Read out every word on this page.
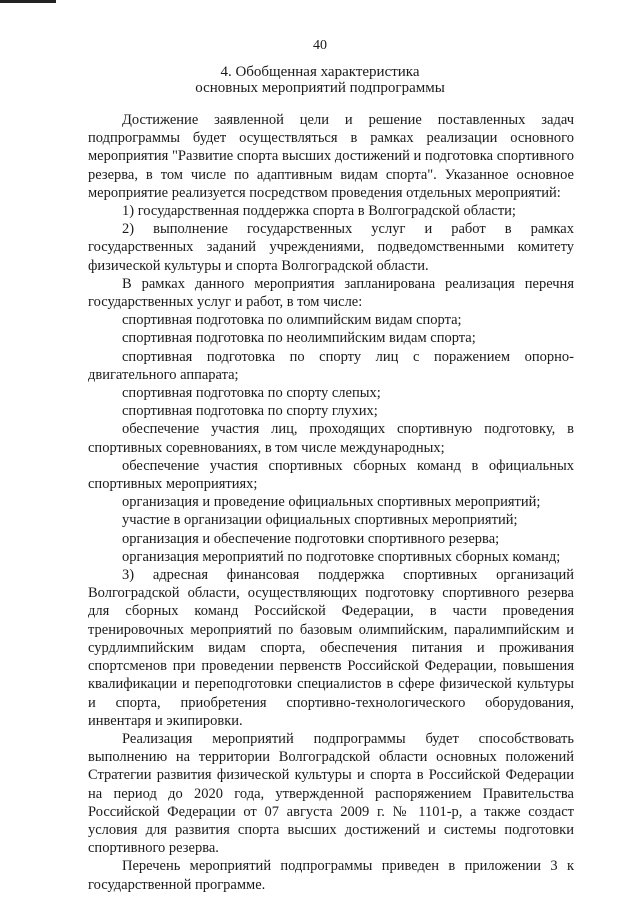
40
4. Обобщенная характеристика
основных мероприятий подпрограммы

Достижение заявленной цели и решение поставленных задач подпрограммы будет осуществляться в рамках реализации основного мероприятия "Развитие спорта высших достижений и подготовка спортивного резерва, в том числе по адаптивным видам спорта". Указанное основное мероприятие реализуется посредством проведения отдельных мероприятий:

1) государственная поддержка спорта в Волгоградской области;

2) выполнение государственных услуг и работ в рамках государственных заданий учреждениями, подведомственными комитету физической культуры и спорта Волгоградской области.

В рамках данного мероприятия запланирована реализация перечня государственных услуг и работ, в том числе:

спортивная подготовка по олимпийским видам спорта;

спортивная подготовка по неолимпийским видам спорта;

спортивная подготовка по спорту лиц с поражением опорно-двигательного аппарата;

спортивная подготовка по спорту слепых;

спортивная подготовка по спорту глухих;

обеспечение участия лиц, проходящих спортивную подготовку, в спортивных соревнованиях, в том числе международных;

обеспечение участия спортивных сборных команд в официальных спортивных мероприятиях;

организация и проведение официальных спортивных мероприятий;

участие в организации официальных спортивных мероприятий;

организация и обеспечение подготовки спортивного резерва;

организация мероприятий по подготовке спортивных сборных команд;

3) адресная финансовая поддержка спортивных организаций Волгоградской области, осуществляющих подготовку спортивного резерва для сборных команд Российской Федерации, в части проведения тренировочных мероприятий по базовым олимпийским, паралимпийским и сурдлимпийским видам спорта, обеспечения питания и проживания спортсменов при проведении первенств Российской Федерации, повышения квалификации и переподготовки специалистов в сфере физической культуры и спорта, приобретения спортивно-технологического оборудования, инвентаря и экипировки.

Реализация мероприятий подпрограммы будет способствовать выполнению на территории Волгоградской области основных положений Стратегии развития физической культуры и спорта в Российской Федерации на период до 2020 года, утвержденной распоряжением Правительства Российской Федерации от 07 августа 2009 г. № 1101-р, а также создаст условия для развития спорта высших достижений и системы подготовки спортивного резерва.

Перечень мероприятий подпрограммы приведен в приложении 3 к государственной программе.
